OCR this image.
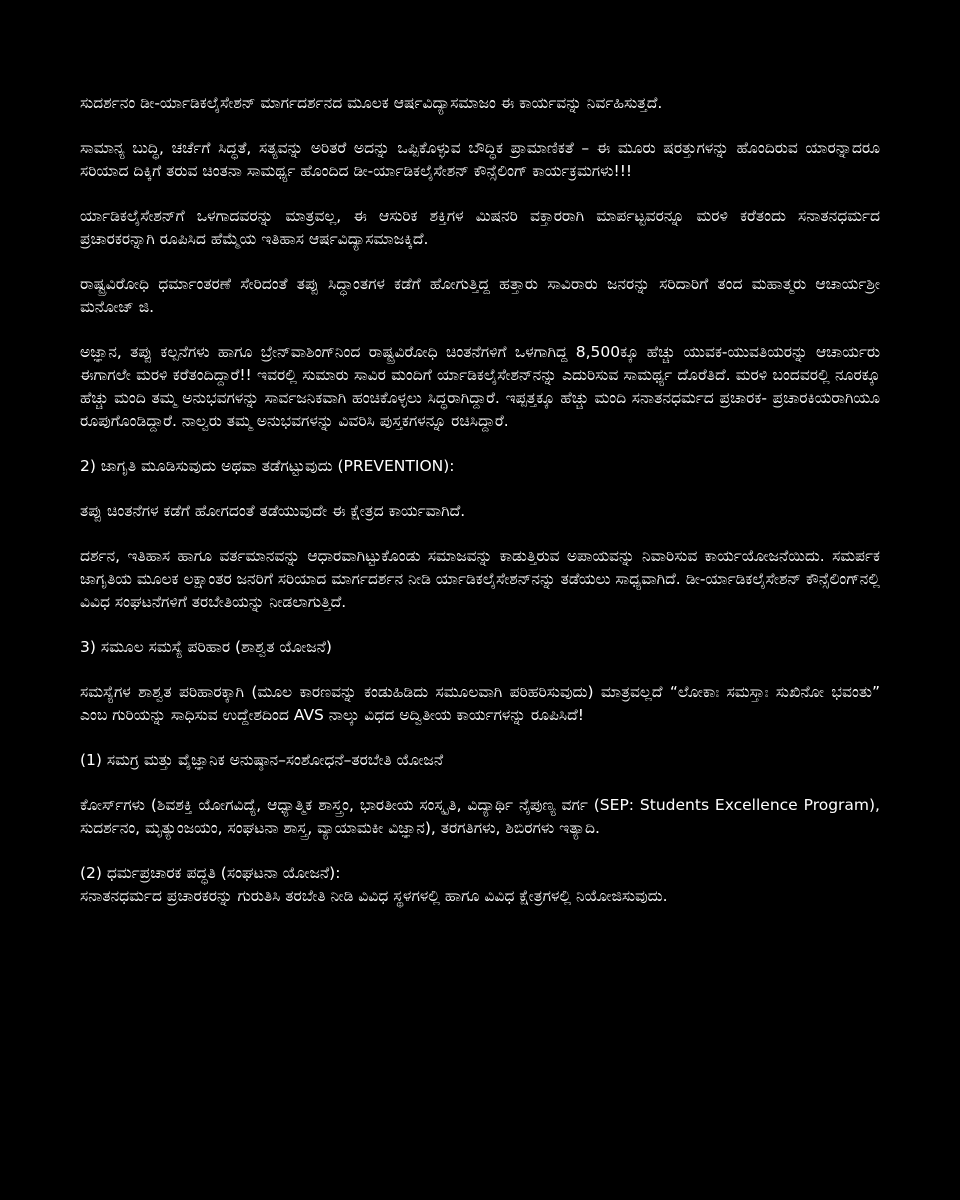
ಸುದರ್ಶನಂ ಡೀ-ರ್ಯಾಡಿಕಲೈಸೇಶನ್ ಮಾರ್ಗದರ್ಶನದ ಮೂಲಕ ಆರ್ಷವಿದ್ಯಾಸಮಾಜಂ ಈ ಕಾರ್ಯವನ್ನು ನಿರ್ವಹಿಸುತ್ತದೆ.

ಸಾಮಾನ್ಯ ಬುದ್ಧಿ, ಚರ್ಚೆಗೆ ಸಿದ್ಧತೆ, ಸತ್ಯವನ್ನು ಅರಿತರೆ ಅದನ್ನು ಒಪ್ಪಿಕೊಳ್ಳುವ ಬೌದ್ಧಿಕ ಪ್ರಾಮಾಣಿಕತೆ – ಈ ಮೂರು ಷರತ್ತುಗಳನ್ನು ಹೊಂದಿರುವ ಯಾರನ್ನಾದರೂ ಸರಿಯಾದ ದಿಕ್ಕಿಗೆ ತರುವ ಚಿಂತನಾ ಸಾಮರ್ಥ್ಯ ಹೊಂದಿದ ಡೀ-ರ್ಯಾಡಿಕಲೈಸೇಶನ್ ಕೌನ್ಸೆಲಿಂಗ್ ಕಾರ್ಯಕ್ರಮಗಳು!!!

ರ್ಯಾಡಿಕಲೈಸೇಶನ್‌ಗೆ ಒಳಗಾದವರನ್ನು ಮಾತ್ರವಲ್ಲ, ಈ ಆಸುರಿಕ ಶಕ್ತಿಗಳ ಮಿಷನರಿ ವಕ್ತಾರರಾಗಿ ಮಾರ್ಪಟ್ಟವರನ್ನೂ ಮರಳಿ ಕರೆತಂದು ಸನಾತನಧರ್ಮದ ಪ್ರಚಾರಕರನ್ನಾಗಿ ರೂಪಿಸಿದ ಹೆಮ್ಮೆಯ ಇತಿಹಾಸ ಆರ್ಷವಿದ್ಯಾಸಮಾಜಕ್ಕಿದೆ.

ರಾಷ್ಟ್ರವಿರೋಧಿ ಧರ್ಮಾಂತರಣೆ ಸೇರಿದಂತೆ ತಪ್ಪು ಸಿದ್ಧಾಂತಗಳ ಕಡೆಗೆ ಹೋಗುತ್ತಿದ್ದ ಹತ್ತಾರು ಸಾವಿರಾರು ಜನರನ್ನು ಸರಿದಾರಿಗೆ ತಂದ ಮಹಾತ್ಮರು ಆಚಾರ್ಯಶ್ರೀ ಮನೋಜ್ ಜಿ.

ಅಜ್ಞಾನ, ತಪ್ಪು ಕಲ್ಪನೆಗಳು ಹಾಗೂ ಬ್ರೇನ್‌ವಾಶಿಂಗ್‌ನಿಂದ ರಾಷ್ಟ್ರವಿರೋಧಿ ಚಿಂತನೆಗಳಿಗೆ ಒಳಗಾಗಿದ್ದ 8,500ಕ್ಕೂ ಹೆಚ್ಚು ಯುವಕ-ಯುವತಿಯರನ್ನು ಆಚಾರ್ಯರು ಈಗಾಗಲೇ ಮರಳಿ ಕರೆತಂದಿದ್ದಾರೆ!! ಇವರಲ್ಲಿ ಸುಮಾರು ಸಾವಿರ ಮಂದಿಗೆ ರ್ಯಾಡಿಕಲೈಸೇಶನ್‌ನನ್ನು ಎದುರಿಸುವ ಸಾಮರ್ಥ್ಯ ದೊರೆತಿದೆ. ಮರಳಿ ಬಂದವರಲ್ಲಿ ನೂರಕ್ಕೂ ಹೆಚ್ಚು ಮಂದಿ ತಮ್ಮ ಅನುಭವಗಳನ್ನು ಸಾರ್ವಜನಿಕವಾಗಿ ಹಂಚಿಕೊಳ್ಳಲು ಸಿದ್ಧರಾಗಿದ್ದಾರೆ. ಇಪ್ಪತ್ತಕ್ಕೂ ಹೆಚ್ಚು ಮಂದಿ ಸನಾತನಧರ್ಮದ ಪ್ರಚಾರಕ- ಪ್ರಚಾರಕಿಯರಾಗಿಯೂ ರೂಪುಗೊಂಡಿದ್ದಾರೆ. ನಾಲ್ವರು ತಮ್ಮ ಅನುಭವಗಳನ್ನು ವಿವರಿಸಿ ಪುಸ್ತಕಗಳನ್ನೂ ರಚಿಸಿದ್ದಾರೆ.

2) ಜಾಗೃತಿ ಮೂಡಿಸುವುದು ಅಥವಾ ತಡೆಗಟ್ಟುವುದು (PREVENTION):

ತಪ್ಪು ಚಿಂತನೆಗಳ ಕಡೆಗೆ ಹೋಗದಂತೆ ತಡೆಯುವುದೇ ಈ ಕ್ಷೇತ್ರದ ಕಾರ್ಯವಾಗಿದೆ.

ದರ್ಶನ, ಇತಿಹಾಸ ಹಾಗೂ ವರ್ತಮಾನವನ್ನು ಆಧಾರವಾಗಿಟ್ಟುಕೊಂಡು ಸಮಾಜವನ್ನು ಕಾಡುತ್ತಿರುವ ಅಪಾಯವನ್ನು ನಿವಾರಿಸುವ ಕಾರ್ಯಯೋಜನೆಯಿದು. ಸಮರ್ಪಕ ಜಾಗೃತಿಯ ಮೂಲಕ ಲಕ್ಷಾಂತರ ಜನರಿಗೆ ಸರಿಯಾದ ಮಾರ್ಗದರ್ಶನ ನೀಡಿ ರ್ಯಾಡಿಕಲೈಸೇಶನ್‌ನನ್ನು ತಡೆಯಲು ಸಾಧ್ಯವಾಗಿದೆ. ಡೀ-ರ್ಯಾಡಿಕಲೈಸೇಶನ್ ಕೌನ್ಸೆಲಿಂಗ್‌ನಲ್ಲಿ ವಿವಿಧ ಸಂಘಟನೆಗಳಿಗೆ ತರಬೇತಿಯನ್ನು ನೀಡಲಾಗುತ್ತಿದೆ.

3) ಸಮೂಲ ಸಮಸ್ಯೆ ಪರಿಹಾರ (ಶಾಶ್ವತ ಯೋಜನೆ)

ಸಮಸ್ಯೆಗಳ ಶಾಶ್ವತ ಪರಿಹಾರಕ್ಕಾಗಿ (ಮೂಲ ಕಾರಣವನ್ನು ಕಂಡುಹಿಡಿದು ಸಮೂಲವಾಗಿ ಪರಿಹರಿಸುವುದು) ಮಾತ್ರವಲ್ಲದೆ “ಲೋಕಾಃ ಸಮಸ್ತಾಃ ಸುಖಿನೋ ಭವಂತು” ಎಂಬ ಗುರಿಯನ್ನು ಸಾಧಿಸುವ ಉದ್ದೇಶದಿಂದ AVS ನಾಲ್ಕು ವಿಧದ ಅದ್ವಿತೀಯ ಕಾರ್ಯಗಳನ್ನು ರೂಪಿಸಿದೆ!

(1) ಸಮಗ್ರ ಮತ್ತು ವೈಜ್ಞಾನಿಕ ಅನುಷ್ಠಾನ–ಸಂಶೋಧನೆ–ತರಬೇತಿ ಯೋಜನೆ

ಕೋರ್ಸ್‌ಗಳು (ಶಿವಶಕ್ತಿ ಯೋಗವಿದ್ಯೆ, ಆಧ್ಯಾತ್ಮಿಕ ಶಾಸ್ತ್ರಂ, ಭಾರತೀಯ ಸಂಸ್ಕೃತಿ, ವಿದ್ಯಾರ್ಥಿ ನೈಪುಣ್ಯ ವರ್ಗ (SEP: Students Excellence Program), ಸುದರ್ಶನಂ, ಮೃತ್ಯುಂಜಯಂ, ಸಂಘಟನಾ ಶಾಸ್ತ್ರ, ವ್ಯಾಯಾಮಕೀ ವಿಜ್ಞಾನ), ತರಗತಿಗಳು, ಶಿಬಿರಗಳು ಇತ್ಯಾದಿ.

(2) ಧರ್ಮಪ್ರಚಾರಕ ಪದ್ಧತಿ (ಸಂಘಟನಾ ಯೋಜನೆ):

ಸನಾತನಧರ್ಮದ ಪ್ರಚಾರಕರನ್ನು ಗುರುತಿಸಿ ತರಬೇತಿ ನೀಡಿ ವಿವಿಧ ಸ್ಥಳಗಳಲ್ಲಿ ಹಾಗೂ ವಿವಿಧ ಕ್ಷೇತ್ರಗಳಲ್ಲಿ ನಿಯೋಜಿಸುವುದು.
